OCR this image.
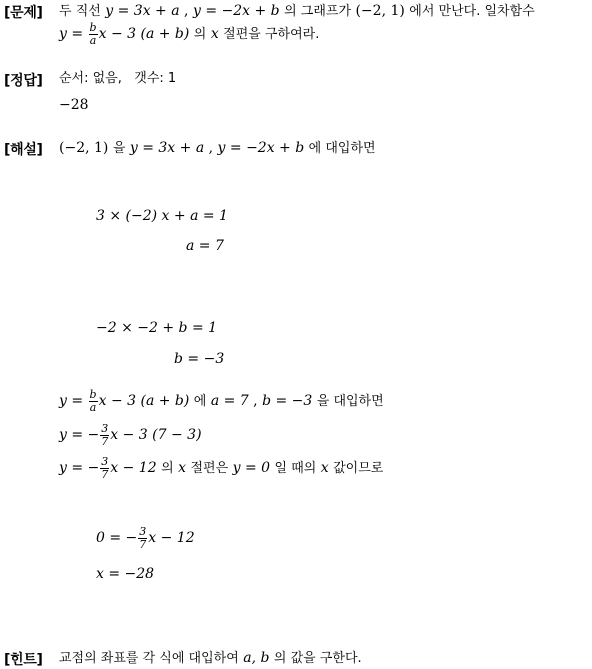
[문제] 두 직선 y = 3x + a , y = −2x + b 의 그래프가 (−2, 1) 에서 만난다. 일차함수
$y = \frac{b}{a}$ x − 3 (a + b) 의 x 절편을 구하여라.
[정답] 순서: 없음,   갯수: 1
−28
[해설] (−2, 1) 을 y = 3x + a , y = −2x + b 에 대입하면
3 × (−2) x + a = 1
a = 7
−2 × −2 + b = 1
b = −3
$y = \frac{b}{a}$ x − 3 (a + b) 에 a = 7 , b = −3 을 대입하면
y = − $\frac{3}{7}$ x − 3 (7 − 3)
y = − $\frac{3}{7}$ x − 12 의 x 절편은 y = 0 일 때의 x 값이므로
0 = − $\frac{3}{7}$ x − 12
x = −28
[힌트] 교점의 좌표를 각 식에 대입하여 a, b 의 값을 구한다.
